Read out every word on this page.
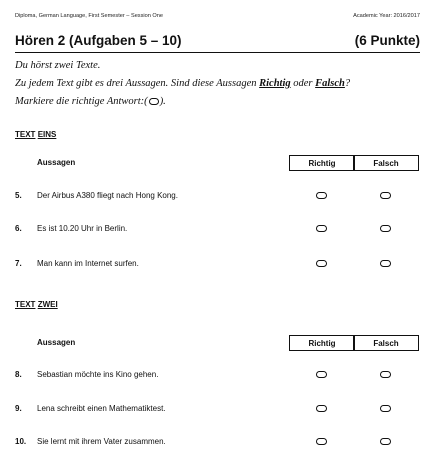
Diploma, German Language, First Semester – Session One	Academic Year: 2016/2017
Hören 2 (Aufgaben 5 – 10)	(6 Punkte)
Du hörst zwei Texte.
Zu jedem Text gibt es drei Aussagen. Sind diese Aussagen Richtig oder Falsch?
Markiere die richtige Antwort:( ).
TEXT EINS
Aussagen	Richtig	Falsch
5. Der Airbus A380 fliegt nach Hong Kong.
6. Es ist 10.20 Uhr in Berlin.
7. Man kann im Internet surfen.
TEXT ZWEI
Aussagen	Richtig	Falsch
8. Sebastian möchte ins Kino gehen.
9. Lena schreibt einen Mathematiktest.
10. Sie lernt mit ihrem Vater zusammen.
